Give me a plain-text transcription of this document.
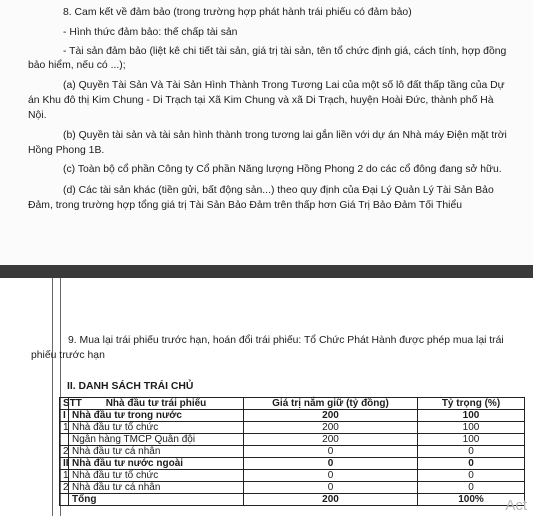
8. Cam kết về đảm bảo (trong trường hợp phát hành trái phiếu có đảm bảo)

- Hình thức đảm bảo: thế chấp tài sản

- Tài sản đảm bảo (liệt kê chi tiết tài sản, giá trị tài sản, tên tổ chức định giá, cách tính, hợp đồng

bảo hiểm, nếu có ...);

(a) Quyền Tài Sản Và Tài Sản Hình Thành Trong Tương Lai của một số lô đất thấp tầng của Dự

án Khu đô thị Kim Chung - Di Trạch tại Xã Kim Chung và xã Di Trạch, huyện Hoài Đức, thành phố Hà

Nội.

(b) Quyền tài sản và tài sản hình thành trong tương lai gắn liền với dự án Nhà máy Điện mặt trời

Hồng Phong 1B.

(c) Toàn bộ cổ phần Công ty Cổ phần Năng lượng Hồng Phong 2 do các cổ đông đang sở hữu.

(d) Các tài sản khác (tiền gửi, bất động sản...) theo quy định của Đại Lý Quản Lý Tài Sản Bảo

Đảm, trong trường hợp tổng giá trị Tài Sản Bảo Đảm trên thấp hơn Giá Trị Bảo Đảm Tối Thiểu

9. Mua lại trái phiếu trước hạn, hoán đổi trái phiếu: Tổ Chức Phát Hành được phép mua lại trái

phiếu trước hạn

II. DANH SÁCH TRÁI CHỦ

STT	Nhà đầu tư trái phiếu	Giá trị nắm giữ (tỷ đồng)	Tỷ trọng (%)
I	Nhà đầu tư trong nước	200	100
1	Nhà đầu tư tổ chức	200	100
	Ngân hàng TMCP Quân đội	200	100
2	Nhà đầu tư cá nhân	0	0
II	Nhà đầu tư nước ngoài	0	0
1	Nhà đầu tư tổ chức	0	0
2	Nhà đầu tư cá nhân	0	0
	Tổng	200	100% Act
